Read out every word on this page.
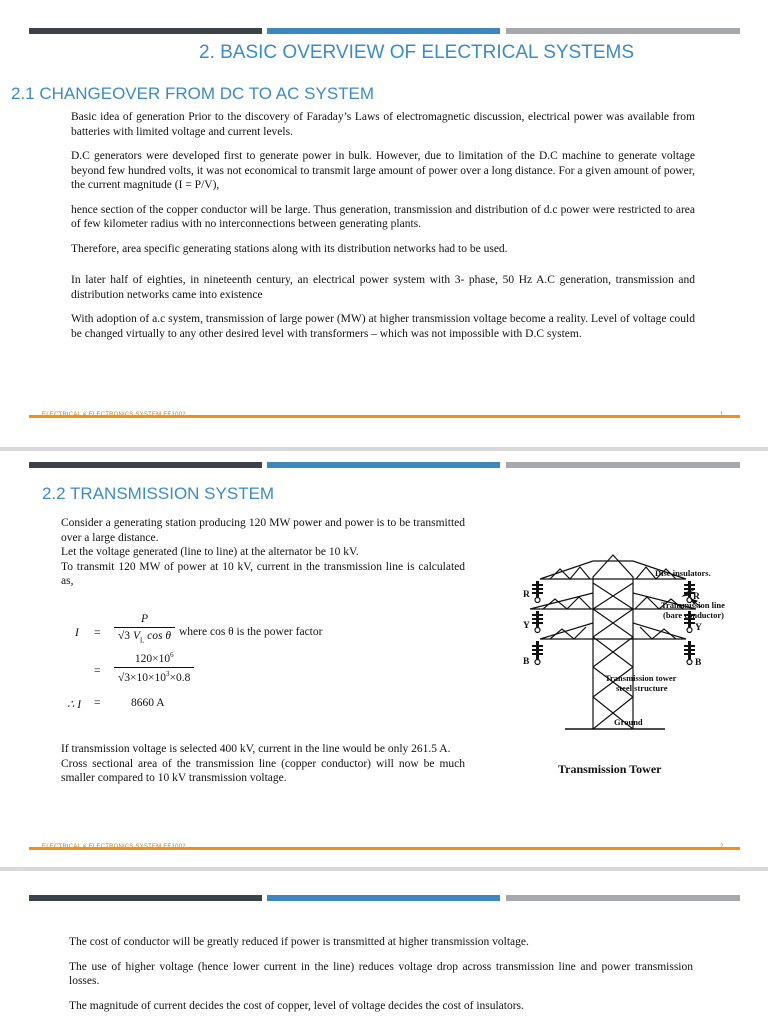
2. BASIC OVERVIEW OF ELECTRICAL SYSTEMS
2.1 CHANGEOVER FROM DC TO AC SYSTEM
Basic idea of generation Prior to the discovery of Faraday’s Laws of electromagnetic discussion, electrical power was available from batteries with limited voltage and current levels.
D.C generators were developed first to generate power in bulk. However, due to limitation of the D.C machine to generate voltage beyond few hundred volts, it was not economical to transmit large amount of power over a long distance. For a given amount of power, the current magnitude (I = P/V),
hence section of the copper conductor will be large. Thus generation, transmission and distribution of d.c power were restricted to area of few kilometer radius with no interconnections between generating plants.
Therefore, area specific generating stations along with its distribution networks had to be used.
In later half of eighties, in nineteenth century, an electrical power system with 3- phase, 50 Hz A.C generation, transmission and distribution networks came into existence
With adoption of a.c system, transmission of large power (MW) at higher transmission voltage become a reality. Level of voltage could be changed virtually to any other desired level with transformers – which was not impossible with D.C system.
2.2 TRANSMISSION SYSTEM
Consider a generating station producing 120 MW power and power is to be transmitted over a large distance.
Let the voltage generated (line to line) at the alternator be 10 kV.
To transmit 120 MW of power at 10 kV, current in the transmission line is calculated as,
$I = \frac{P}{√3 V_L \cos \theta}$ where cos θ is the power factor
= $\frac{120\times 10^6}{√3\times 10\times 10^3\times 0.8}$
∴ I =	8660 A
If transmission voltage is selected 400 kV, current in the line would be only 261.5 A.
Cross sectional area of the transmission line (copper conductor) will now be much smaller compared to 10 kV transmission voltage.
R	R
Y	Y
B	B
Disc insulators.
Transmission line
(bare conductor)
Transmission tower
steel structure
Ground
Transmission Tower
The cost of conductor will be greatly reduced if power is transmitted at higher transmission voltage.
The use of higher voltage (hence lower current in the line) reduces voltage drop across transmission line and power transmission losses.
The magnitude of current decides the cost of copper, level of voltage decides the cost of insulators.
